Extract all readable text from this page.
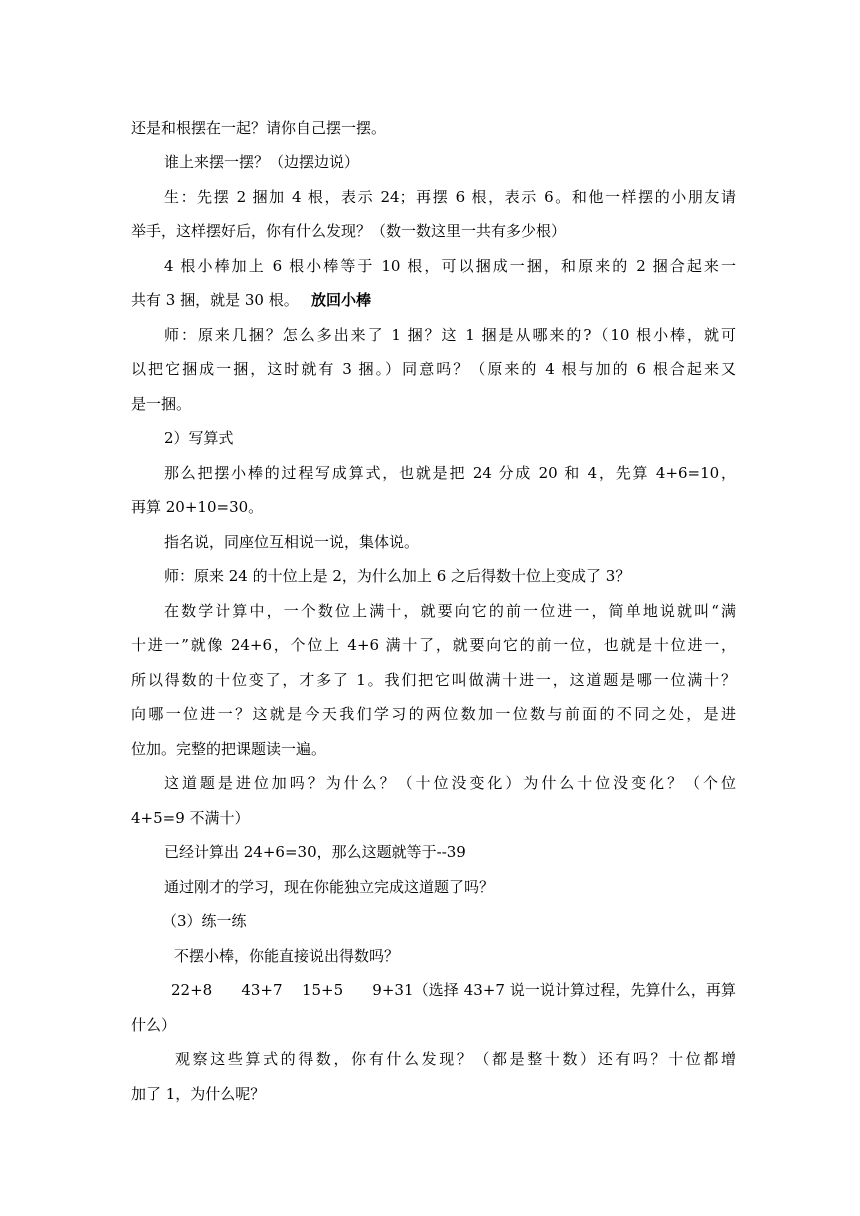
还是和根摆在一起？请你自己摆一摆。
谁上来摆一摆？（边摆边说）
生：先摆 2 捆加 4 根，表示 24；再摆 6 根，表示 6。和他一样摆的小朋友请
举手，这样摆好后，你有什么发现？（数一数这里一共有多少根）
4 根小棒加上 6 根小棒等于 10 根，可以捆成一捆，和原来的 2 捆合起来一
共有 3 捆，就是 30 根。 放回小棒
师：原来几捆？怎么多出来了 1 捆？这 1 捆是从哪来的?（10 根小棒，就可
以把它捆成一捆，这时就有 3 捆。）同意吗？（原来的 4 根与加的 6 根合起来又
是一捆。
2）写算式
那么把摆小棒的过程写成算式，也就是把 24 分成 20 和 4，先算 4+6=10，
再算 20+10=30。
指名说，同座位互相说一说，集体说。
师：原来 24 的十位上是 2，为什么加上 6 之后得数十位上变成了 3？
在数学计算中，一个数位上满十，就要向它的前一位进一，简单地说就叫“满
十进一”就像 24+6，个位上 4+6 满十了，就要向它的前一位，也就是十位进一，
所以得数的十位变了，才多了 1。我们把它叫做满十进一，这道题是哪一位满十？
向哪一位进一？这就是今天我们学习的两位数加一位数与前面的不同之处，是进
位加。完整的把课题读一遍。
这道题是进位加吗？为什么？（十位没变化）为什么十位没变化？（个位
4+5=9 不满十）
已经计算出 24+6=30，那么这题就等于--39
通过刚才的学习，现在你能独立完成这道题了吗？
（3）练一练
不摆小棒，你能直接说出得数吗？
22+8      43+7    15+5      9+31（选择 43+7 说一说计算过程，先算什么，再算
什么）
观察这些算式的得数，你有什么发现？（都是整十数）还有吗？十位都增
加了 1，为什么呢？
